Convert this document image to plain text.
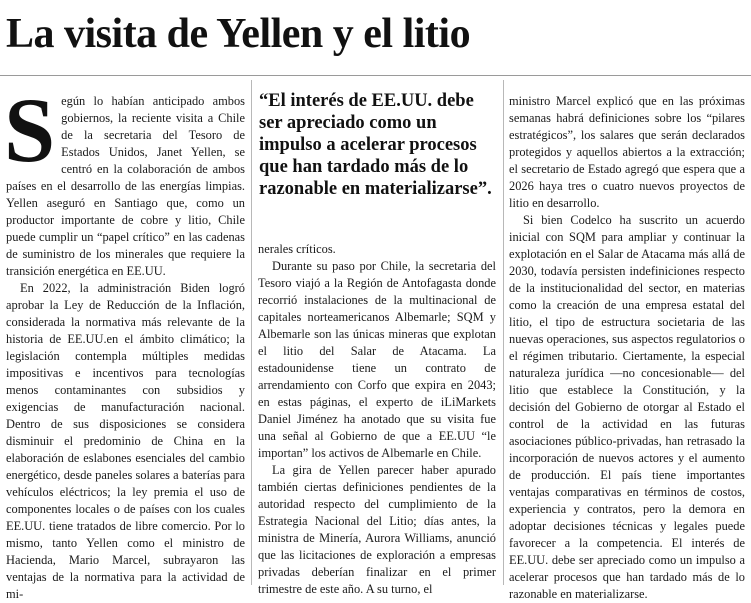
La visita de Yellen y el litio

Según lo habían anticipado ambos gobiernos, la reciente visita a Chile de la secretaria del Tesoro de Estados Unidos, Janet Yellen, se centró en la colaboración de ambos países en el desarrollo de las energías limpias. Yellen aseguró en Santiago que, como un productor importante de cobre y litio, Chile puede cumplir un “papel crítico” en las cadenas de suministro de los minerales que requiere la transición energética en EE.UU.

En 2022, la administración Biden logró aprobar la Ley de Reducción de la Inflación, considerada la normativa más relevante de la historia de EE.UU.en el ámbito climático; la legislación contempla múltiples medidas impositivas e incentivos para tecnologías menos contaminantes con subsidios y exigencias de manufacturación nacional. Dentro de sus disposiciones se considera disminuir el predominio de China en la elaboración de eslabones esenciales del cambio energético, desde paneles solares a baterías para vehículos eléctricos; la ley premia el uso de componentes locales o de países con los cuales EE.UU. tiene tratados de libre comercio. Por lo mismo, tanto Yellen como el ministro de Hacienda, Mario Marcel, subrayaron las ventajas de la normativa para la actividad de mi-

“El interés de EE.UU. debe ser apreciado como un impulso a acelerar procesos que han tardado más de lo razonable en materializarse”.

nerales críticos.

Durante su paso por Chile, la secretaria del Tesoro viajó a la Región de Antofagasta donde recorrió instalaciones de la multinacional de capitales norteamericanos Albemarle; SQM y Albemarle son las únicas mineras que explotan el litio del Salar de Atacama. La estadounidense tiene un contrato de arrendamiento con Corfo que expira en 2043; en estas páginas, el experto de iLiMarkets Daniel Jiménez ha anotado que su visita fue una señal al Gobierno de que a EE.UU “le importan” los activos de Albemarle en Chile.

La gira de Yellen parecer haber apurado también ciertas definiciones pendientes de la autoridad respecto del cumplimiento de la Estrategia Nacional del Litio; días antes, la ministra de Minería, Aurora Williams, anunció que las licitaciones de exploración a empresas privadas deberían finalizar en el primer trimestre de este año. A su turno, el

ministro Marcel explicó que en las próximas semanas habrá definiciones sobre los “pilares estratégicos”, los salares que serán declarados protegidos y aquellos abiertos a la extracción; el secretario de Estado agregó que espera que a 2026 haya tres o cuatro nuevos proyectos de litio en desarrollo.

Si bien Codelco ha suscrito un acuerdo inicial con SQM para ampliar y continuar la explotación en el Salar de Atacama más allá de 2030, todavía persisten indefiniciones respecto de la institucionalidad del sector, en materias como la creación de una empresa estatal del litio, el tipo de estructura societaria de las nuevas operaciones, sus aspectos regulatorios o el régimen tributario. Ciertamente, la especial naturaleza jurídica —no concesionable— del litio que establece la Constitución, y la decisión del Gobierno de otorgar al Estado el control de la actividad en las futuras asociaciones público-privadas, han retrasado la incorporación de nuevos actores y el aumento de producción. El país tiene importantes ventajas comparativas en términos de costos, experiencia y contratos, pero la demora en adoptar decisiones técnicas y legales puede favorecer a la competencia. El interés de EE.UU. debe ser apreciado como un impulso a acelerar procesos que han tardado más de lo razonable en materializarse.
